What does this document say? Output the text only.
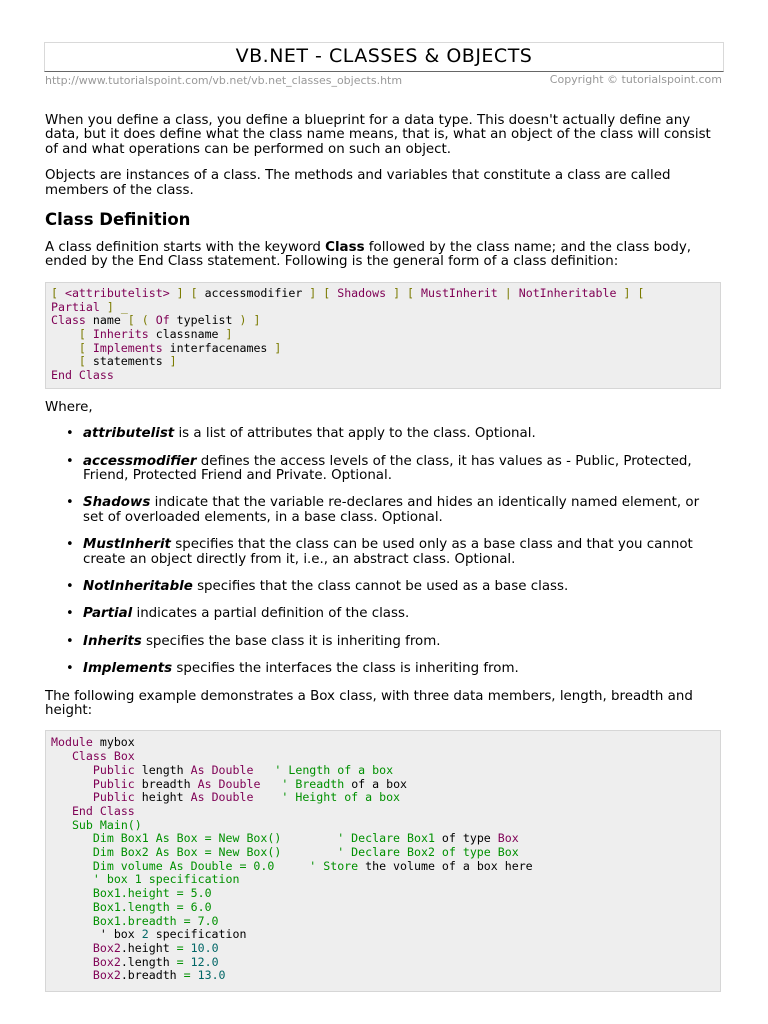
VB.NET - CLASSES & OBJECTS
http://www.tutorialspoint.com/vb.net/vb.net_classes_objects.htm	Copyright © tutorialspoint.com

When you define a class, you define a blueprint for a data type. This doesn't actually define any data, but it does define what the class name means, that is, what an object of the class will consist of and what operations can be performed on such an object.

Objects are instances of a class. The methods and variables that constitute a class are called members of the class.

Class Definition

A class definition starts with the keyword Class followed by the class name; and the class body, ended by the End Class statement. Following is the general form of a class definition:

[ <attributelist> ] [ accessmodifier ] [ Shadows ] [ MustInherit | NotInheritable ] [
Partial ] _
Class name [ ( Of typelist ) ]
[ Inherits classname ]
[ Implements interfacenames ]
[ statements ]
End Class

Where,

• attributelist is a list of attributes that apply to the class. Optional.
• accessmodifier defines the access levels of the class, it has values as - Public, Protected, Friend, Protected Friend and Private. Optional.
• Shadows indicate that the variable re-declares and hides an identically named element, or set of overloaded elements, in a base class. Optional.
• MustInherit specifies that the class can be used only as a base class and that you cannot create an object directly from it, i.e., an abstract class. Optional.
• NotInheritable specifies that the class cannot be used as a base class.
• Partial indicates a partial definition of the class.
• Inherits specifies the base class it is inheriting from.
• Implements specifies the interfaces the class is inheriting from.

The following example demonstrates a Box class, with three data members, length, breadth and height:

Module mybox
Class Box
Public length As Double ' Length of a box
Public breadth As Double ' Breadth of a box
Public height As Double ' Height of a box
End Class
Sub Main()
Dim Box1 As Box = New Box()	' Declare Box1 of type Box
Dim Box2 As Box = New Box()	' Declare Box2 of type Box
Dim volume As Double = 0.0	' Store the volume of a box here
' box 1 specification
Box1.height = 5.0
Box1.length = 6.0
Box1.breadth = 7.0
' box 2 specification
Box2.height = 10.0
Box2.length = 12.0
Box2.breadth = 13.0
